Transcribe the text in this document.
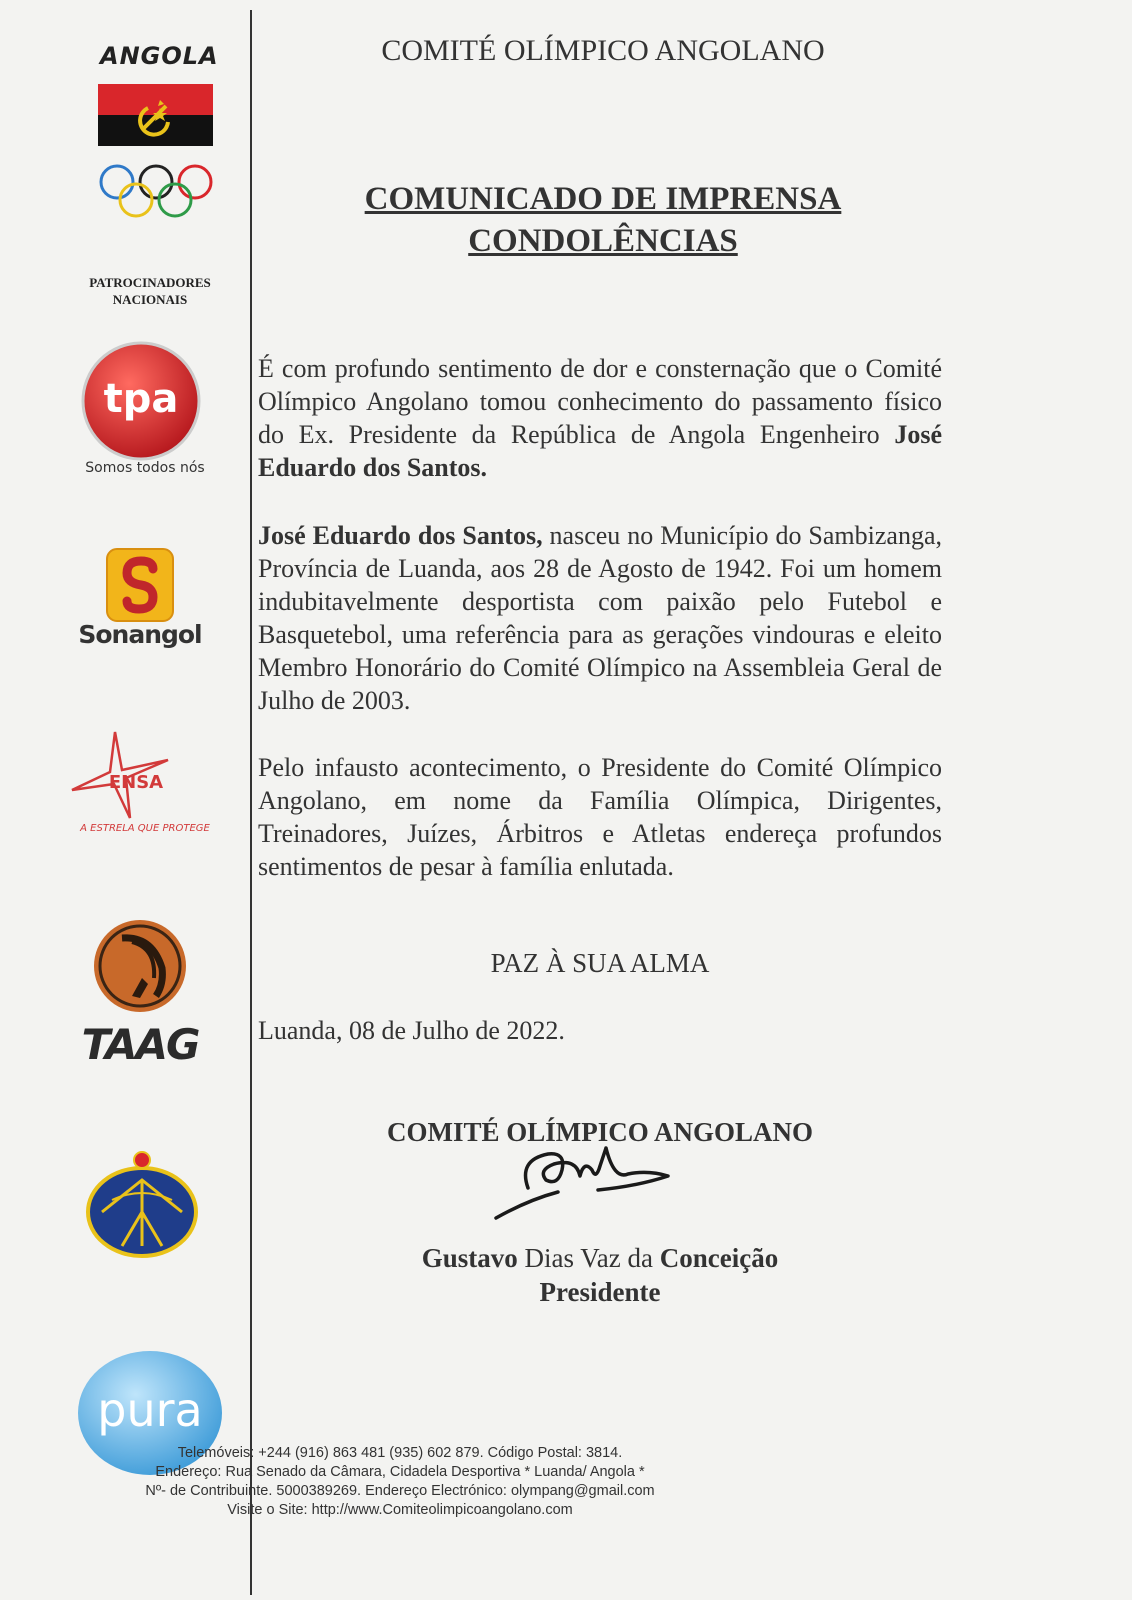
ANGOLA
PATROCINADORES
NACIONAIS
tpa
Somos todos nós
Sonangol
ENSA
A ESTRELA QUE PROTEGE
TAAG
pura
COMITÉ OLÍMPICO ANGOLANO
COMUNICADO DE IMPRENSA
CONDOLÊNCIAS
É com profundo sentimento de dor e consternação que o Comité Olímpico Angolano tomou conhecimento do passamento físico do Ex. Presidente da República de Angola Engenheiro José Eduardo dos Santos.
José Eduardo dos Santos, nasceu no Município do Sambizanga, Província de Luanda, aos 28 de Agosto de 1942. Foi um homem indubitavelmente desportista com paixão pelo Futebol e Basquetebol, uma referência para as gerações vindouras e eleito Membro Honorário do Comité Olímpico na Assembleia Geral de Julho de 2003.
Pelo infausto acontecimento, o Presidente do Comité Olímpico Angolano, em nome da Família Olímpica, Dirigentes, Treinadores, Juízes, Árbitros e Atletas endereça profundos sentimentos de pesar à família enlutada.
PAZ À SUA ALMA
Luanda, 08 de Julho de 2022.
COMITÉ OLÍMPICO ANGOLANO
Gustavo Dias Vaz da Conceição
Presidente
Telemóveis: +244 (916) 863 481 (935) 602 879. Código Postal: 3814.
Endereço: Rua Senado da Câmara, Cidadela Desportiva * Luanda/ Angola *
Nº- de Contribuinte. 5000389269. Endereço Electrónico: olympang@gmail.com
Visite o Site: http://www.Comiteolimpicoangolano.com
